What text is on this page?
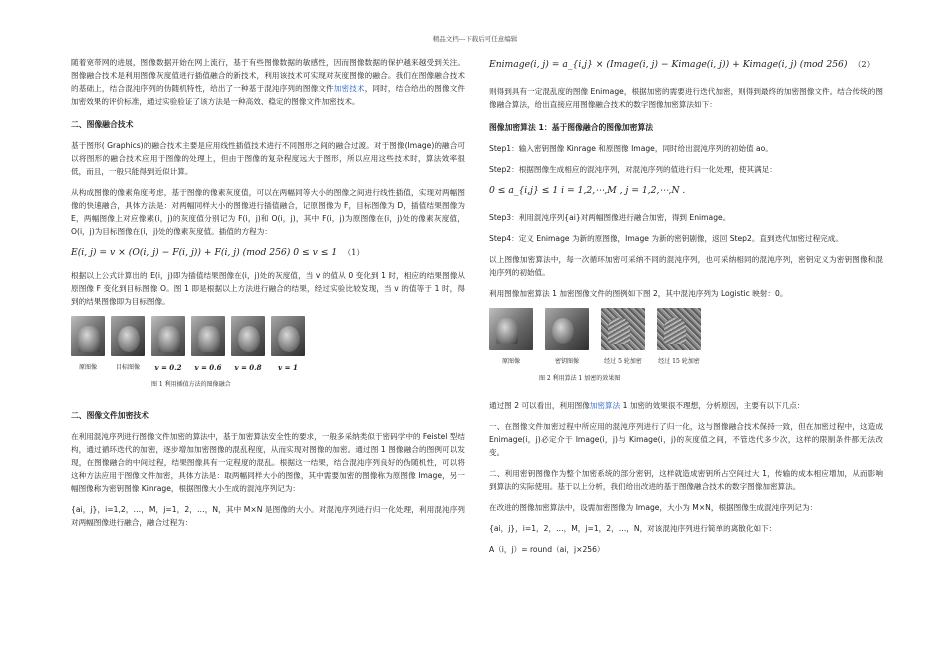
精品文档---下载后可任意编辑
随着宽带网的进展，图像数据开始在网上流行，基于有些图像数据的敏感性，因而图像数据的保护越来越受到关注。图像融合技术是利用图像灰度值进行插值融合的新技术，利用该技术可实现对灰度图像的融合。我们在图像融合技术的基础上，结合混沌序列的伪随机特性，给出了一种基于混沌序列的图像文件加密技术，同时，结合给出的图像文件加密效果的评价标准，通过实验验证了该方法是一种高效、稳定的图像文件加密技术。
二、图像融合技术
基于图形( Graphics)的融合技术主要是应用线性插值技术进行不同图形之间的融合过渡。对于图像(Image)的融合可以将图形的融合技术应用于图像的处理上，但由于图像的复杂程度远大于图形，所以应用这些技术时，算法效率很低，而且，一般只能得到近似计算。
从构成图像的像素角度考虑，基于图像的像素灰度值，可以在两幅同等大小的图像之间进行线性插值，实现对两幅图像的快速融合，具体方法是：对两幅同样大小的图像进行插值融合，记原图像为 F，目标图像为 D，插值结果图像为 E，两幅图像上对应像素(i，j)的灰度值分别记为 F(i，j)和 O(i，j)，其中 F(i，j)为原图像在(i，j)处的像素灰度值，O(i，j)为目标图像在(i，j)处的像素灰度值。插值的方程为：
E(i, j) = v × (O(i, j) − F(i, j)) + F(i, j) (mod 256) 0 ≤ v ≤ 1 （1）
根据以上公式计算出的 E(i，j)即为插值结果图像在(i，j)处的灰度值，当 v 的值从 0 变化到 1 时，相应的结果图像从原图像 F 变化到目标图像 O。图 1 即是根据以上方法进行融合的结果，经过实验比较发现，当 v 的值等于 1 时，得到的结果图像即为目标图像。
原图像	目标图像	v = 0.2	v = 0.6	v = 0.8	v = 1
图 1 利用插值方法的图像融合
二、图像文件加密技术
在利用混沌序列进行图像文件加密的算法中，基于加密算法安全性的要求，一般多采纳类似于密码学中的 Feistel 型结构，通过循环迭代的加密，逐步增加加密图像的混乱程度，从而实现对图像的加密。通过图 1 图像融合的图例可以发现，在图像融合的中间过程，结果图像具有一定程度的混乱。根据这一结果，结合混沌序列良好的伪随机性，可以将这种方法应用于图像文件加密，具体方法是：取两幅同样大小的图像，其中需要加密的图像称为原图像 Image，另一幅图像称为密钥图像 Kinrage，根据图像大小生成的混沌序列记为：
{ai，j}，i=1,2，…，M，j=1，2，…，N，其中 M×N 是图像的大小。对混沌序列进行归一化处理，利用混沌序列对两幅图像进行融合，融合过程为：
Enimage(i, j) = a_{i,j} × (Image(i, j) − Kimage(i, j)) + Kimage(i, j) (mod 256) （2）
则得到具有一定混乱度的图像 Enimage，根据加密的需要进行迭代加密，则得到最终的加密图像文件。结合传统的图像融合算法，给出直接应用图像融合技术的数字图像加密算法如下：
图像加密算法 1：基于图像融合的图像加密算法
Step1：输入密钥图像 Kinrage 和原图像 Image，同时给出混沌序列的初始值 ao。
Step2：根据图像生成相应的混沌序列，对混沌序列的值进行归一化处理，使其满足：
0 ≤ a_{i,j} ≤ 1 i = 1,2,⋯,M , j = 1,2,⋯,N .
Step3：利用混沌序列{ai}对两幅图像进行融合加密，得到 Enimage。
Step4：定义 Enimage 为新的原图像，Image 为新的密钥剧像，返回 Step2。直到迭代加密过程完成。
以上图像加密算法中，每一次循环加密可采纳不同的混沌序列，也可采纳相同的混沌序列，密钥定义为密钥图像和混沌序列的初始值。
利用图像加密算法 1 加密图像文件的图例如下图 2，其中混沌序列为 Logistic 映射：0。
原图像	密钥图像	经过 5 轮加密	经过 15 轮加密
图 2 利用算法 1 加密的效果图
通过图 2 可以看出，利用图像加密算法 1 加密的效果很不理想，分析原因，主要有以下几点：
一、在图像文件加密过程中所应用的混沌序列进行了归一化，这与图像融合技术保持一致，但在加密过程中，这造成 Enimage(i，j)必定介于 Image(i，j)与 Kimage(i，j)的灰度值之间，不管迭代多少次，这样的限制条件都无法改变。
二、利用密钥图像作为整个加密系统的部分密钥，这样就造成密钥所占空间过大 1，传输的成本相应增加，从而影响到算法的实际使用。基于以上分析，我们给出改进的基于图像融合技术的数字图像加密算法。
在改进的图像加密算法中，设需加密图像为 Image，大小为 M×N，根据图像生成混沌序列记为：
{ai，j}，i=1，2，…，M，j=1，2，…，N，对该混沌序列进行简单的离散化如下：
A（i，j）= round（ai，j×256）
